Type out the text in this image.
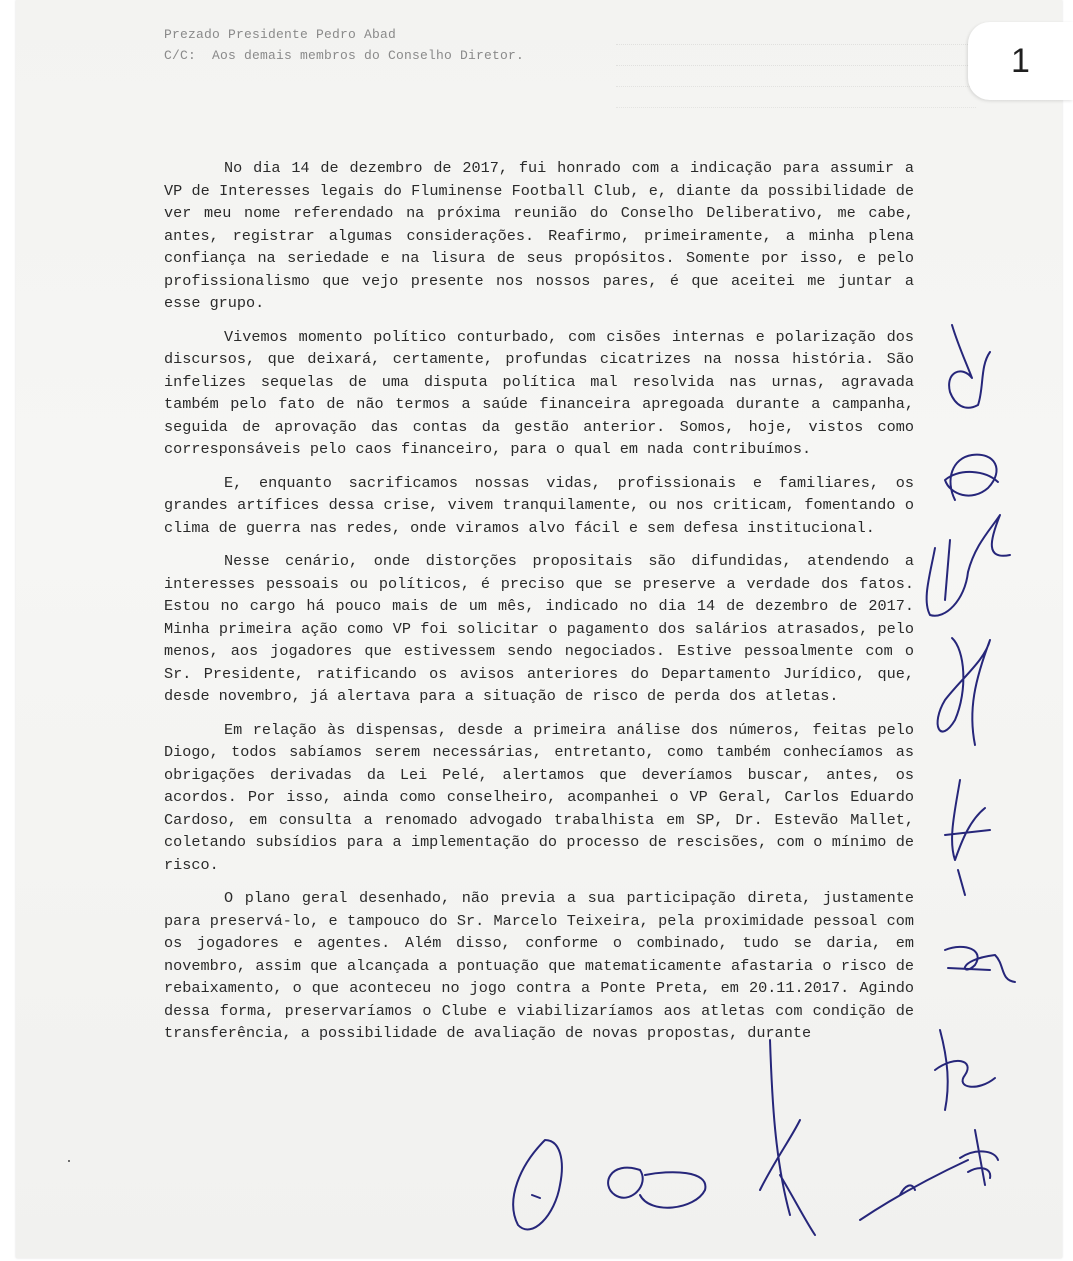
Prezado Presidente Pedro Abad
C/C:  Aos demais membros do Conselho Diretor.

No dia 14 de dezembro de 2017, fui honrado com a indicação para assumir a VP de Interesses legais do Fluminense Football Club, e, diante da possibilidade de ver meu nome referendado na próxima reunião do Conselho Deliberativo, me cabe, antes, registrar algumas considerações. Reafirmo, primeiramente, a minha plena confiança na seriedade e na lisura de seus propósitos. Somente por isso, e pelo profissionalismo que vejo presente nos nossos pares, é que aceitei me juntar a esse grupo.

Vivemos momento político conturbado, com cisões internas e polarização dos discursos, que deixará, certamente, profundas cicatrizes na nossa história. São infelizes sequelas de uma disputa política mal resolvida nas urnas, agravada também pelo fato de não termos a saúde financeira apregoada durante a campanha, seguida de aprovação das contas da gestão anterior. Somos, hoje, vistos como corresponsáveis pelo caos financeiro, para o qual em nada contribuímos.

E, enquanto sacrificamos nossas vidas, profissionais e familiares, os grandes artífices dessa crise, vivem tranquilamente, ou nos criticam, fomentando o clima de guerra nas redes, onde viramos alvo fácil e sem defesa institucional.

Nesse cenário, onde distorções propositais são difundidas, atendendo a interesses pessoais ou políticos, é preciso que se preserve a verdade dos fatos. Estou no cargo há pouco mais de um mês, indicado no dia 14 de dezembro de 2017. Minha primeira ação como VP foi solicitar o pagamento dos salários atrasados, pelo menos, aos jogadores que estivessem sendo negociados. Estive pessoalmente com o Sr. Presidente, ratificando os avisos anteriores do Departamento Jurídico, que, desde novembro, já alertava para a situação de risco de perda dos atletas.

Em relação às dispensas, desde a primeira análise dos números, feitas pelo Diogo, todos sabíamos serem necessárias, entretanto, como também conhecíamos as obrigações derivadas da Lei Pelé, alertamos que deveríamos buscar, antes, os acordos. Por isso, ainda como conselheiro, acompanhei o VP Geral, Carlos Eduardo Cardoso, em consulta a renomado advogado trabalhista em SP, Dr. Estevão Mallet, coletando subsídios para a implementação do processo de rescisões, com o mínimo de risco.

O plano geral desenhado, não previa a sua participação direta, justamente para preservá-lo, e tampouco do Sr. Marcelo Teixeira, pela proximidade pessoal com os jogadores e agentes. Além disso, conforme o combinado, tudo se daria, em novembro, assim que alcançada a pontuação que matematicamente afastaria o risco de rebaixamento, o que aconteceu no jogo contra a Ponte Preta, em 20.11.2017. Agindo dessa forma, preservaríamos o Clube e viabilizaríamos aos atletas com condição de transferência, a possibilidade de avaliação de novas propostas, durante

1
